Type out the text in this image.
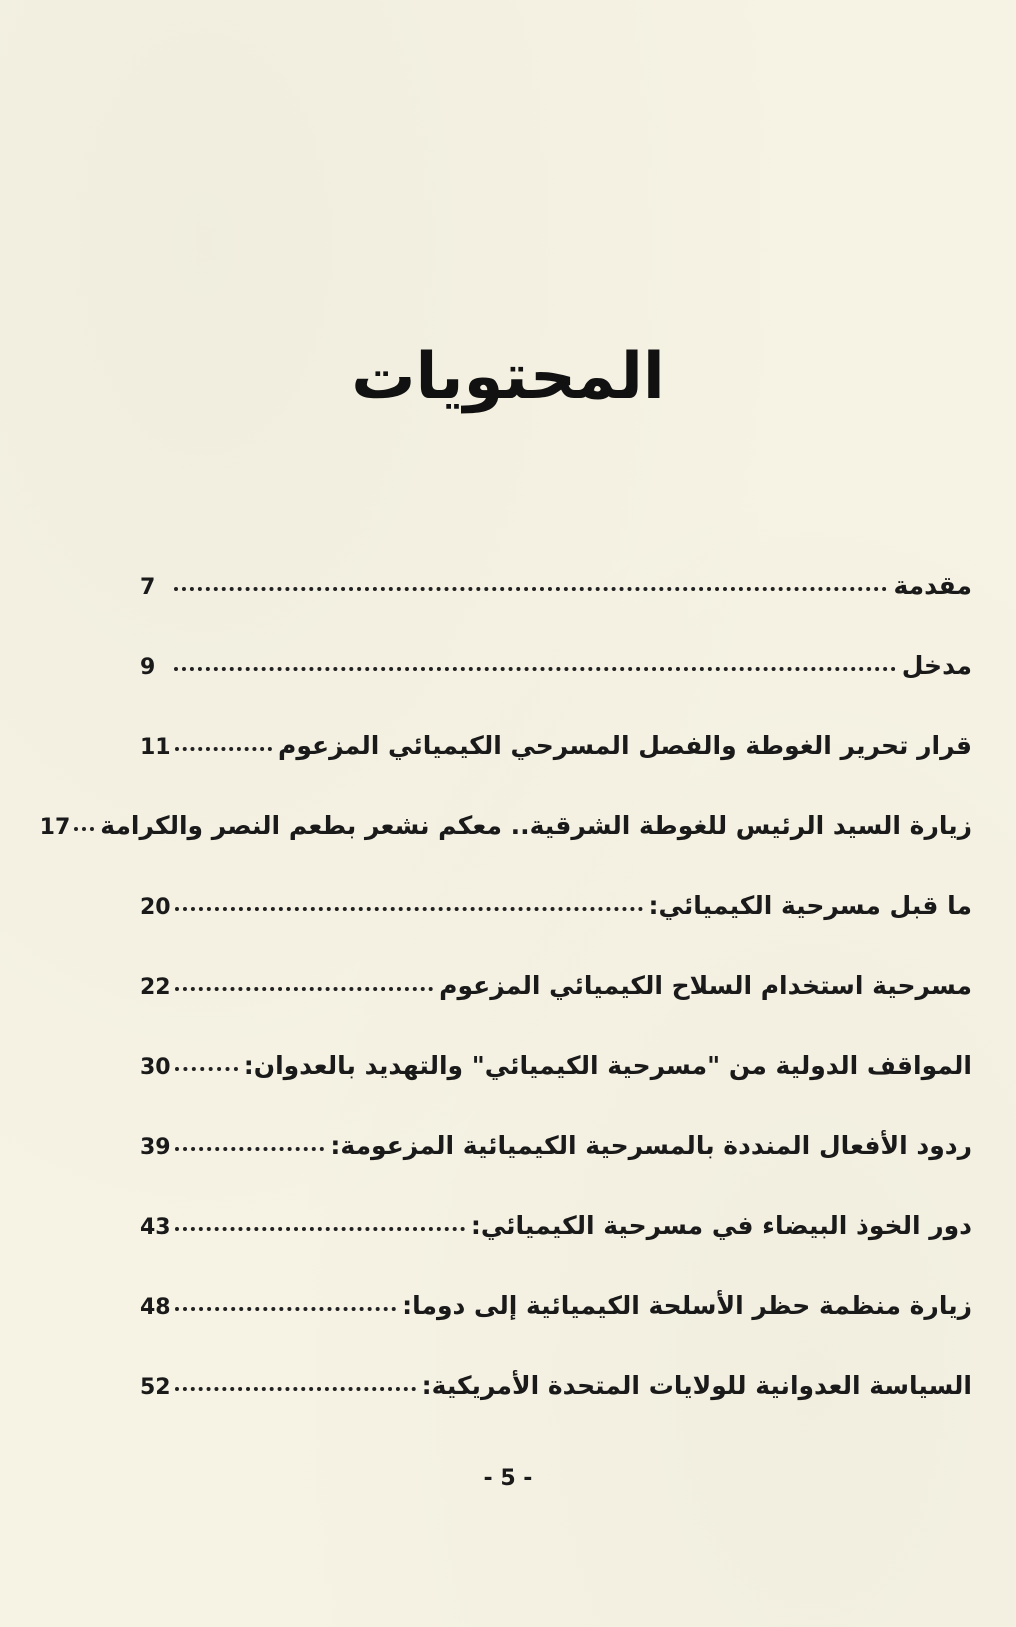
المحتويات
مقدمة
7
مدخل
9
قرار تحرير الغوطة والفصل المسرحي الكيميائي المزعوم
11
زيارة السيد الرئيس للغوطة الشرقية.. معكم نشعر بطعم النصر والكرامة
17
ما قبل مسرحية الكيميائي:
20
مسرحية استخدام السلاح الكيميائي المزعوم
22
المواقف الدولية من "مسرحية الكيميائي" والتهديد بالعدوان:
30
ردود الأفعال المنددة بالمسرحية الكيميائية المزعومة:
39
دور الخوذ البيضاء في مسرحية الكيميائي:
43
زيارة منظمة حظر الأسلحة الكيميائية إلى دوما:
48
السياسة العدوانية للولايات المتحدة الأمريكية:
52
- 5 -
